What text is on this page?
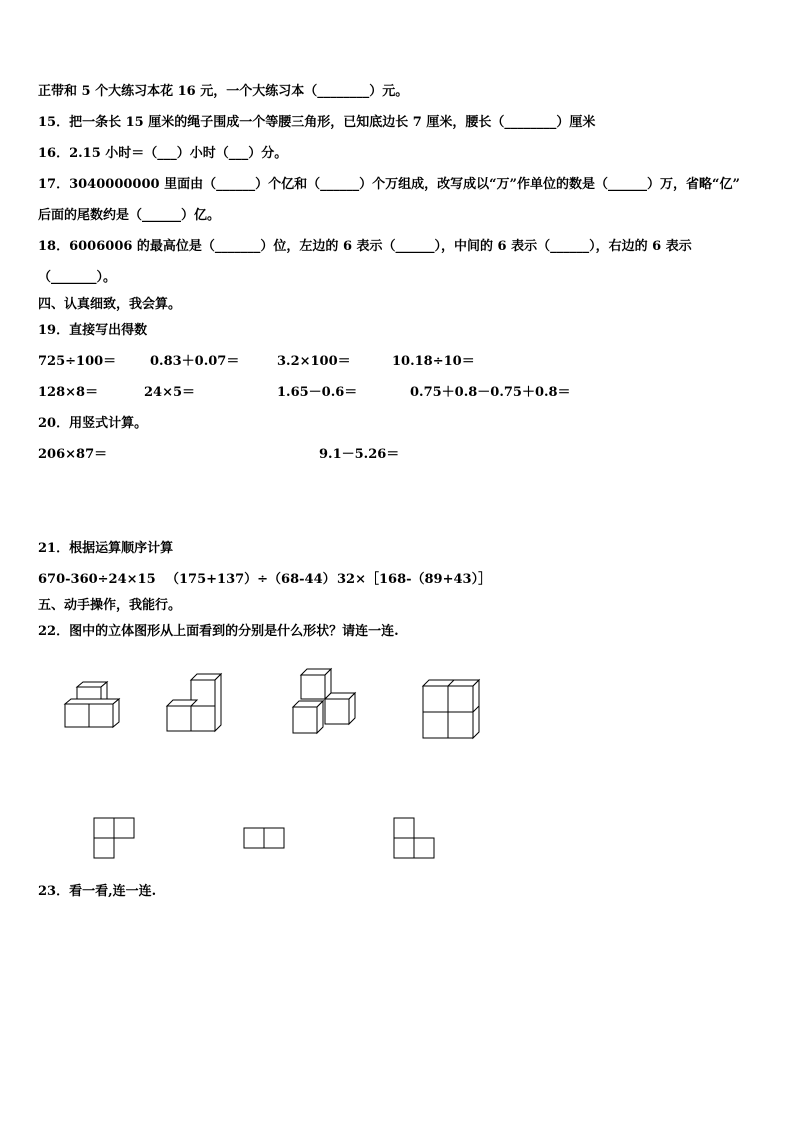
正带和 5 个大练习本花 16 元，一个大练习本（________）元。
15．把一条长 15 厘米的绳子围成一个等腰三角形，已知底边长 7 厘米，腰长（________）厘米
16．2.15 小时＝（___）小时（___）分。
17．3040000000 里面由（______）个亿和（______）个万组成，改写成以“万”作单位的数是（______）万，省略“亿”
后面的尾数约是（______）亿。
18．6006006 的最高位是（_______）位，左边的 6 表示（______），中间的 6 表示（______），右边的 6 表示
（_______）。
四、认真细致，我会算。
19．直接写出得数
725÷100＝	0.83＋0.07＝	3.2×100＝	10.18÷10＝
128×8＝	24×5＝	1.65－0.6＝	0.75＋0.8－0.75＋0.8＝
20．用竖式计算。
206×87＝	9.1－5.26＝
21．根据运算顺序计算
670-360÷24×15 （175+137）÷（68-44） 32×［168-（89+43）］
五、动手操作，我能行。
22．图中的立体图形从上面看到的分别是什么形状？请连一连.
23．看一看,连一连.
